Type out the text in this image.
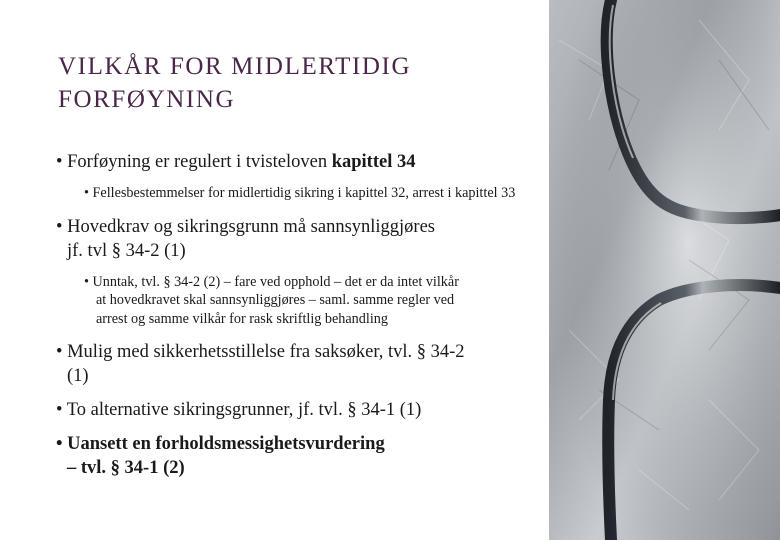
VILKÅR FOR MIDLERTIDIG
FORFØYNING

• Forføyning er regulert i tvisteloven kapittel 34

• Fellesbestemmelser for midlertidig sikring i kapittel 32, arrest i kapittel 33

• Hovedkrav og sikringsgrunn må sannsynliggjøres
jf. tvl § 34-2 (1)

• Unntak, tvl. § 34-2 (2) – fare ved opphold – det er da intet vilkår
at hovedkravet skal sannsynliggjøres – saml. samme regler ved
arrest og samme vilkår for rask skriftlig behandling

• Mulig med sikkerhetsstillelse fra saksøker, tvl. § 34-2
(1)

• To alternative sikringsgrunner, jf. tvl. § 34-1 (1)

• Uansett en forholdsmessighetsvurdering
– tvl. § 34-1 (2)
